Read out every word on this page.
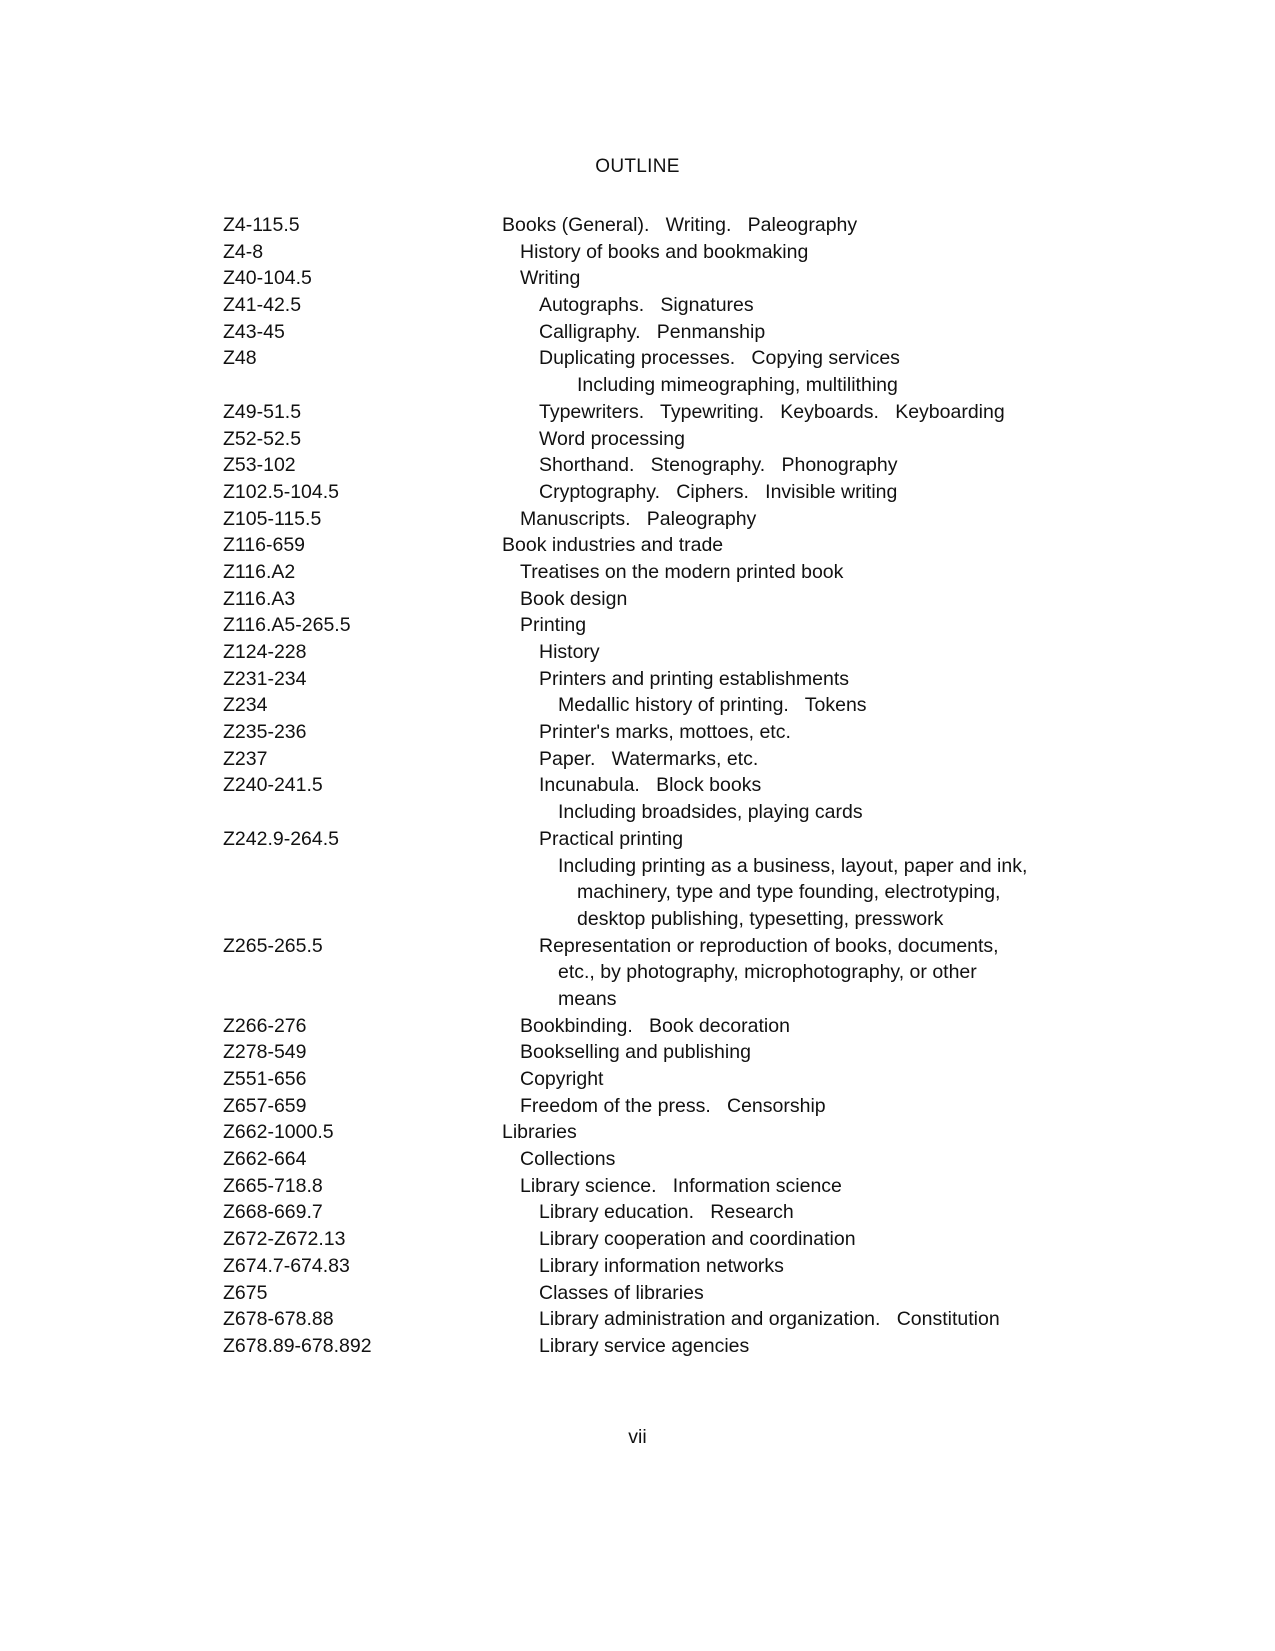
OUTLINE
Z4-115.5	Books (General).   Writing.   Paleography
Z4-8	History of books and bookmaking
Z40-104.5	Writing
Z41-42.5	Autographs.   Signatures
Z43-45	Calligraphy.   Penmanship
Z48	Duplicating processes.   Copying services
Including mimeographing, multilithing
Z49-51.5	Typewriters.   Typewriting.   Keyboards.   Keyboarding
Z52-52.5	Word processing
Z53-102	Shorthand.   Stenography.   Phonography
Z102.5-104.5	Cryptography.   Ciphers.   Invisible writing
Z105-115.5	Manuscripts.   Paleography
Z116-659	Book industries and trade
Z116.A2	Treatises on the modern printed book
Z116.A3	Book design
Z116.A5-265.5	Printing
Z124-228	History
Z231-234	Printers and printing establishments
Z234	Medallic history of printing.   Tokens
Z235-236	Printer's marks, mottoes, etc.
Z237	Paper.   Watermarks, etc.
Z240-241.5	Incunabula.   Block books
Including broadsides, playing cards
Z242.9-264.5	Practical printing
Including printing as a business, layout, paper and ink,
machinery, type and type founding, electrotyping,
desktop publishing, typesetting, presswork
Z265-265.5	Representation or reproduction of books, documents,
etc., by photography, microphotography, or other
means
Z266-276	Bookbinding.   Book decoration
Z278-549	Bookselling and publishing
Z551-656	Copyright
Z657-659	Freedom of the press.   Censorship
Z662-1000.5	Libraries
Z662-664	Collections
Z665-718.8	Library science.   Information science
Z668-669.7	Library education.   Research
Z672-Z672.13	Library cooperation and coordination
Z674.7-674.83	Library information networks
Z675	Classes of libraries
Z678-678.88	Library administration and organization.   Constitution
Z678.89-678.892	Library service agencies
vii
